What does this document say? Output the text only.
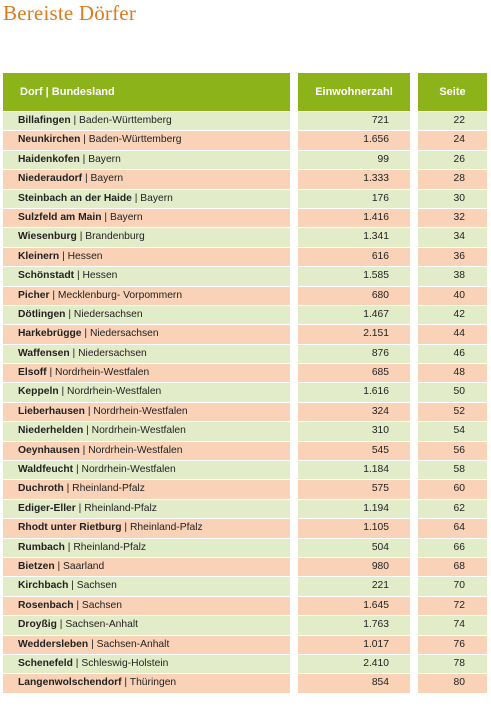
Bereiste Dörfer
Dorf | Bundesland	Einwohnerzahl	Seite
Billafingen | Baden-Württemberg	721	22
Neunkirchen | Baden-Württemberg	1.656	24
Haidenkofen | Bayern	99	26
Niederaudorf | Bayern	1.333	28
Steinbach an der Haide | Bayern	176	30
Sulzfeld am Main | Bayern	1.416	32
Wiesenburg | Brandenburg	1.341	34
Kleinern | Hessen	616	36
Schönstadt | Hessen	1.585	38
Picher | Mecklenburg- Vorpommern	680	40
Dötlingen | Niedersachsen	1.467	42
Harkebrügge | Niedersachsen	2.151	44
Waffensen | Niedersachsen	876	46
Elsoff | Nordrhein-Westfalen	685	48
Keppeln | Nordrhein-Westfalen	1.616	50
Lieberhausen | Nordrhein-Westfalen	324	52
Niederhelden | Nordrhein-Westfalen	310	54
Oeynhausen | Nordrhein-Westfalen	545	56
Waldfeucht | Nordrhein-Westfalen	1.184	58
Duchroth | Rheinland-Pfalz	575	60
Ediger-Eller | Rheinland-Pfalz	1.194	62
Rhodt unter Rietburg | Rheinland-Pfalz	1.105	64
Rumbach | Rheinland-Pfalz	504	66
Bietzen | Saarland	980	68
Kirchbach | Sachsen	221	70
Rosenbach | Sachsen	1.645	72
Droyßig | Sachsen-Anhalt	1.763	74
Weddersleben | Sachsen-Anhalt	1.017	76
Schenefeld | Schleswig-Holstein	2.410	78
Langenwolschendorf | Thüringen	854	80
